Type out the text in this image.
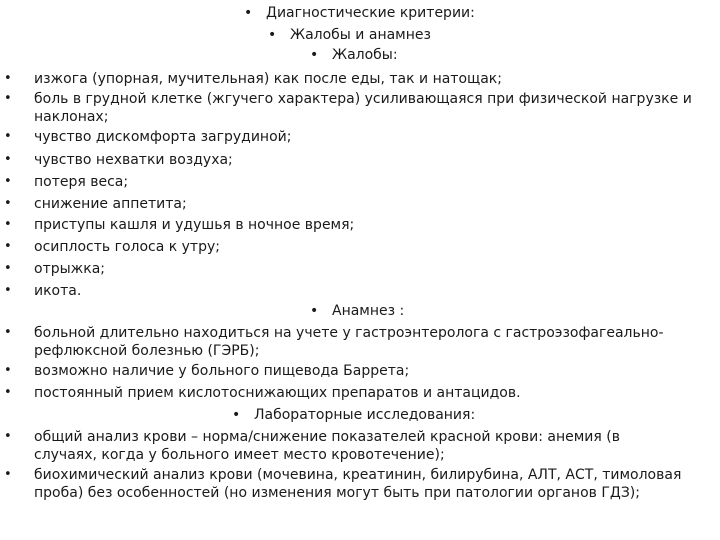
• Диагностические критерии:
• Жалобы и анамнез
• Жалобы:
• изжога (упорная, мучительная) как после еды, так и натощак;
• боль в грудной клетке (жгучего характера) усиливающаяся при физической нагрузке и
наклонах;
• чувство дискомфорта загрудиной;
• чувство нехватки воздуха;
• потеря веса;
• снижение аппетита;
• приступы кашля и удушья в ночное время;
• осиплость голоса к утру;
• отрыжка;
• икота.
• Анамнез :
• больной длительно находиться на учете у гастроэнтеролога с гастроэзофагеально-
рефлюксной болезнью (ГЭРБ);
• возможно наличие у больного пищевода Баррета;
• постоянный прием кислотоснижающих препаратов и антацидов.
• Лабораторные исследования:
• общий анализ крови – норма/снижение показателей красной крови: анемия (в
случаях, когда у больного имеет место кровотечение);
• биохимический анализ крови (мочевина, креатинин, билирубина, АЛТ, АСТ, тимоловая
проба) без особенностей (но изменения могут быть при патологии органов ГДЗ);
